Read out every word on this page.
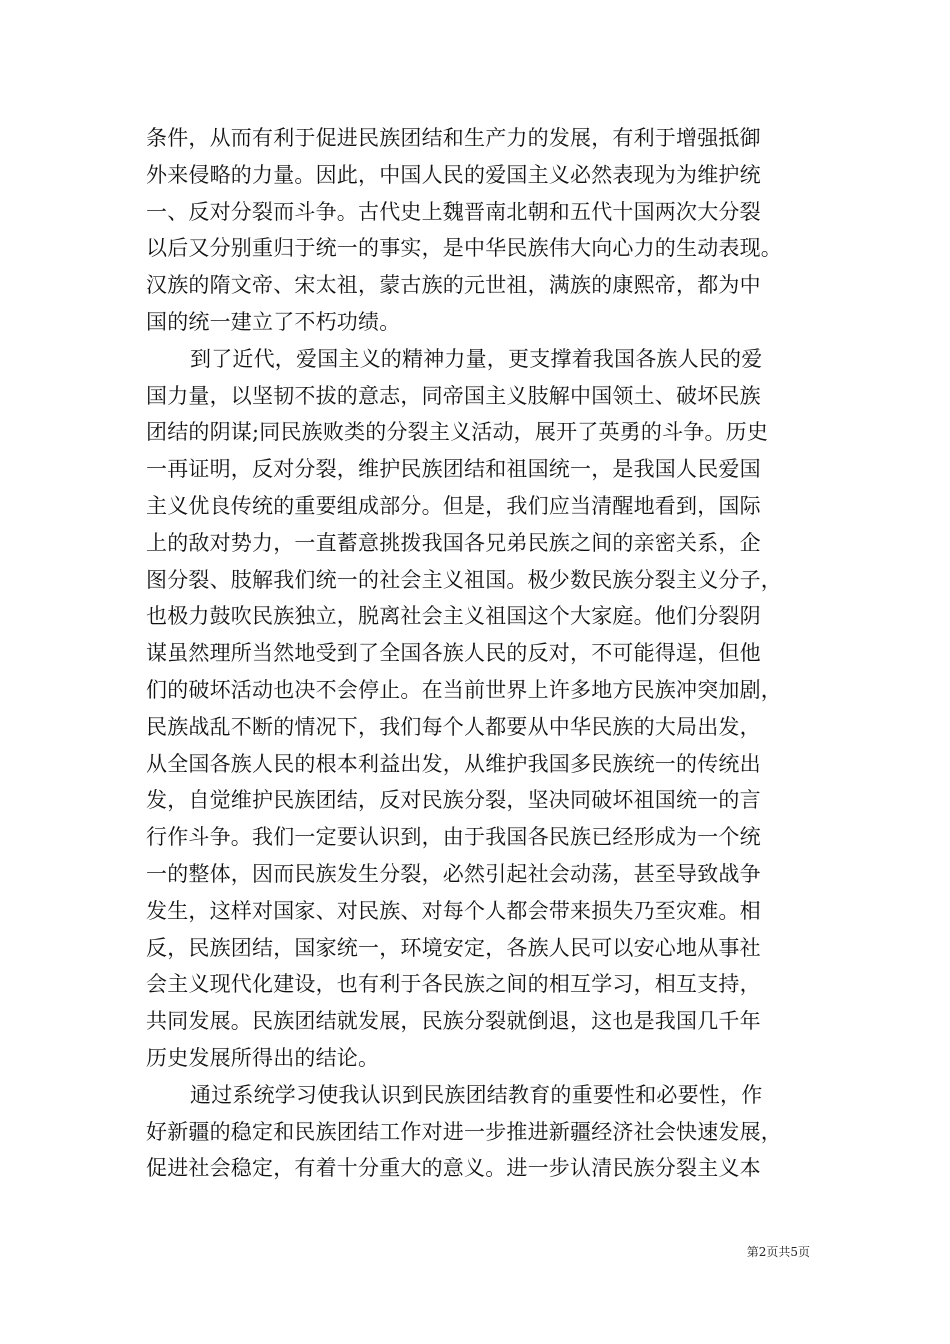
条件，从而有利于促进民族团结和生产力的发展，有利于增强抵御
外来侵略的力量。因此，中国人民的爱国主义必然表现为为维护统
一、反对分裂而斗争。古代史上魏晋南北朝和五代十国两次大分裂
以后又分别重归于统一的事实，是中华民族伟大向心力的生动表现。
汉族的隋文帝、宋太祖，蒙古族的元世祖，满族的康熙帝，都为中
国的统一建立了不朽功绩。
到了近代，爱国主义的精神力量，更支撑着我国各族人民的爱
国力量，以坚韧不拔的意志，同帝国主义肢解中国领土、破坏民族
团结的阴谋;同民族败类的分裂主义活动，展开了英勇的斗争。历史
一再证明，反对分裂，维护民族团结和祖国统一，是我国人民爱国
主义优良传统的重要组成部分。但是，我们应当清醒地看到，国际
上的敌对势力，一直蓄意挑拨我国各兄弟民族之间的亲密关系，企
图分裂、肢解我们统一的社会主义祖国。极少数民族分裂主义分子，
也极力鼓吹民族独立，脱离社会主义祖国这个大家庭。他们分裂阴
谋虽然理所当然地受到了全国各族人民的反对，不可能得逞，但他
们的破坏活动也决不会停止。在当前世界上许多地方民族冲突加剧，
民族战乱不断的情况下，我们每个人都要从中华民族的大局出发，
从全国各族人民的根本利益出发，从维护我国多民族统一的传统出
发，自觉维护民族团结，反对民族分裂，坚决同破坏祖国统一的言
行作斗争。我们一定要认识到，由于我国各民族已经形成为一个统
一的整体，因而民族发生分裂，必然引起社会动荡，甚至导致战争
发生，这样对国家、对民族、对每个人都会带来损失乃至灾难。相
反，民族团结，国家统一，环境安定，各族人民可以安心地从事社
会主义现代化建设，也有利于各民族之间的相互学习，相互支持，
共同发展。民族团结就发展，民族分裂就倒退，这也是我国几千年
历史发展所得出的结论。
通过系统学习使我认识到民族团结教育的重要性和必要性，作
好新疆的稳定和民族团结工作对进一步推进新疆经济社会快速发展，
促进社会稳定，有着十分重大的意义。进一步认清民族分裂主义本
第2页共5页
